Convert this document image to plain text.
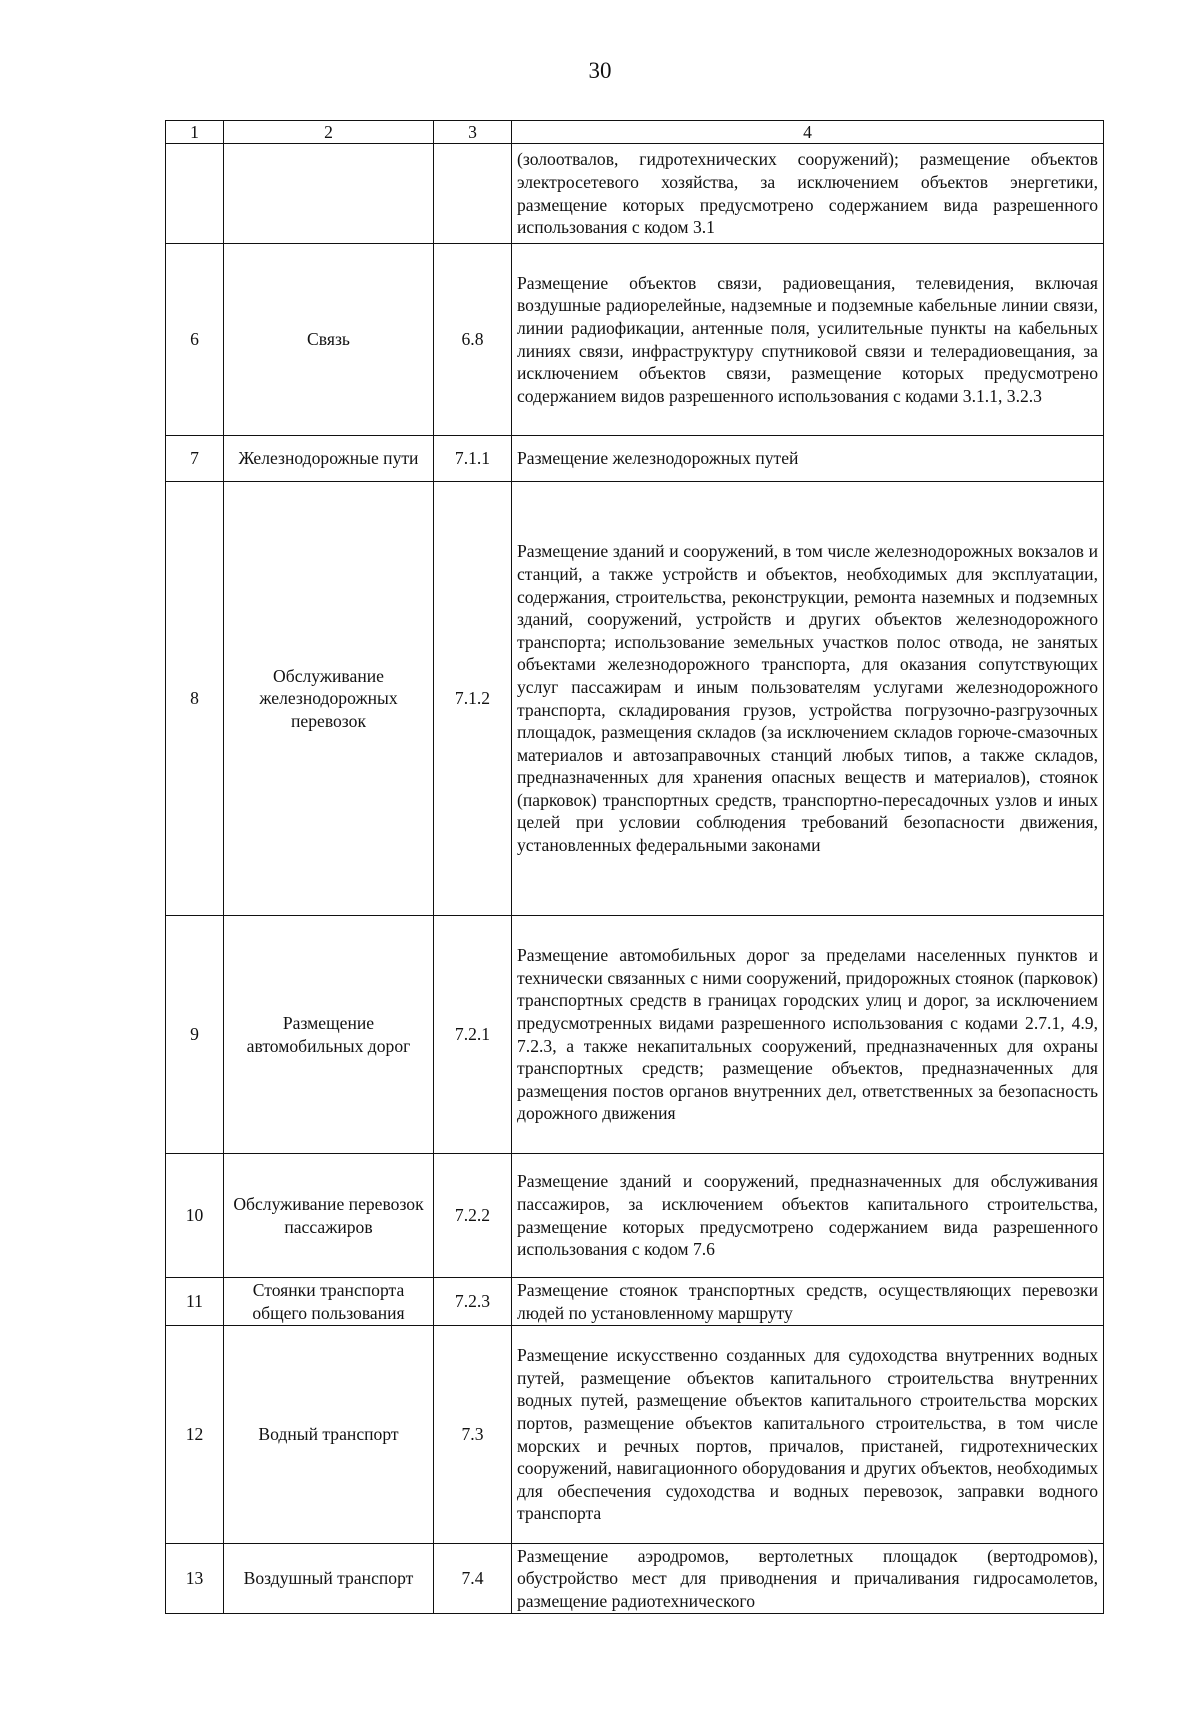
30
1	2	3	4
			(золоотвалов, гидротехнических сооружений); размещение объектов электросетевого хозяйства, за исключением объектов энергетики, размещение которых предусмотрено содержанием вида разрешенного использования с кодом 3.1
6	Связь	6.8	Размещение объектов связи, радиовещания, телевидения, включая воздушные радиорелейные, надземные и подземные кабельные линии связи, линии радиофикации, антенные поля, усилительные пункты на кабельных линиях связи, инфраструктуру спутниковой связи и телерадиовещания, за исключением объектов связи, размещение которых предусмотрено содержанием видов разрешенного использования с кодами 3.1.1, 3.2.3
7	Железнодорожные пути	7.1.1	Размещение железнодорожных путей
8	Обслуживание железнодорожных перевозок	7.1.2	Размещение зданий и сооружений, в том числе железнодорожных вокзалов и станций, а также устройств и объектов, необходимых для эксплуатации, содержания, строительства, реконструкции, ремонта наземных и подземных зданий, сооружений, устройств и других объектов железнодорожного транспорта; использование земельных участков полос отвода, не занятых объектами железнодорожного транспорта, для оказания сопутствующих услуг пассажирам и иным пользователям услугами железнодорожного транспорта, складирования грузов, устройства погрузочно-разгрузочных площадок, размещения складов (за исключением складов горюче-смазочных материалов и автозаправочных станций любых типов, а также складов, предназначенных для хранения опасных веществ и материалов), стоянок (парковок) транспортных средств, транспортно-пересадочных узлов и иных целей при условии соблюдения требований безопасности движения, установленных федеральными законами
9	Размещение автомобильных дорог	7.2.1	Размещение автомобильных дорог за пределами населенных пунктов и технически связанных с ними сооружений, придорожных стоянок (парковок) транспортных средств в границах городских улиц и дорог, за исключением предусмотренных видами разрешенного использования с кодами 2.7.1, 4.9, 7.2.3, а также некапитальных сооружений, предназначенных для охраны транспортных средств; размещение объектов, предназначенных для размещения постов органов внутренних дел, ответственных за безопасность дорожного движения
10	Обслуживание перевозок пассажиров	7.2.2	Размещение зданий и сооружений, предназначенных для обслуживания пассажиров, за исключением объектов капитального строительства, размещение которых предусмотрено содержанием вида разрешенного использования с кодом 7.6
11	Стоянки транспорта общего пользования	7.2.3	Размещение стоянок транспортных средств, осуществляющих перевозки людей по установленному маршруту
12	Водный транспорт	7.3	Размещение искусственно созданных для судоходства внутренних водных путей, размещение объектов капитального строительства внутренних водных путей, размещение объектов капитального строительства морских портов, размещение объектов капитального строительства, в том числе морских и речных портов, причалов, пристаней, гидротехнических сооружений, навигационного оборудования и других объектов, необходимых для обеспечения судоходства и водных перевозок, заправки водного транспорта
13	Воздушный транспорт	7.4	Размещение аэродромов, вертолетных площадок (вертодромов), обустройство мест для приводнения и причаливания гидросамолетов, размещение радиотехнического
